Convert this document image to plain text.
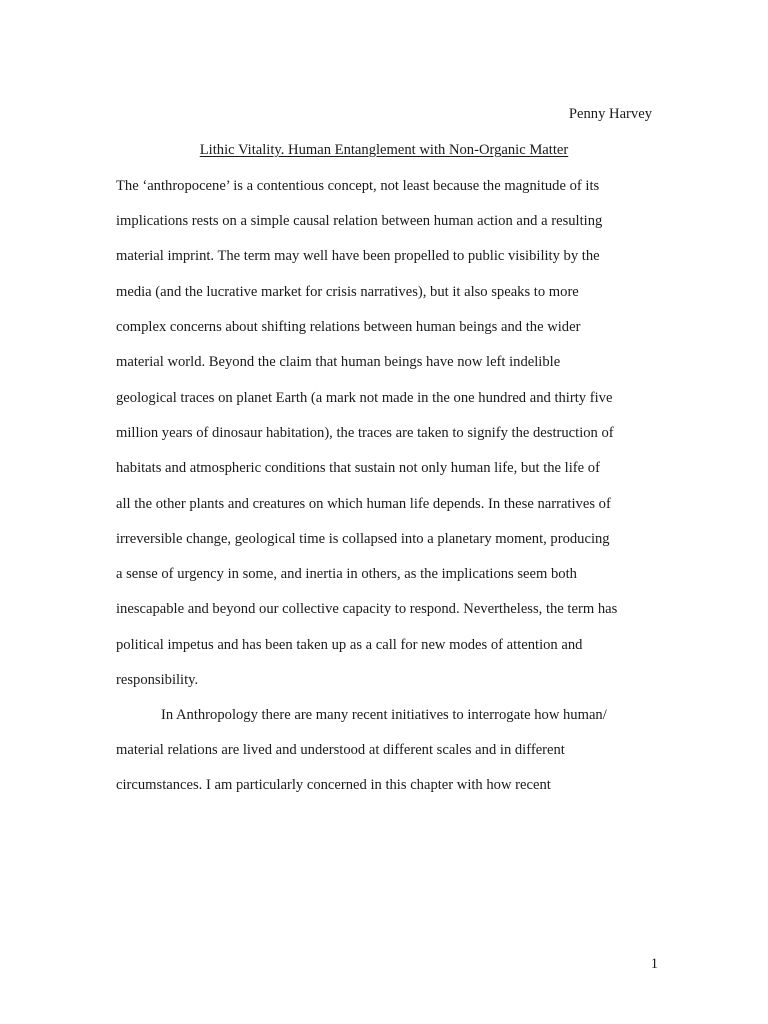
Penny Harvey
Lithic Vitality. Human Entanglement with Non-Organic Matter
The ‘anthropocene’ is a contentious concept, not least because the magnitude of its
implications rests on a simple causal relation between human action and a resulting
material imprint. The term may well have been propelled to public visibility by the
media (and the lucrative market for crisis narratives), but it also speaks to more
complex concerns about shifting relations between human beings and the wider
material world. Beyond the claim that human beings have now left indelible
geological traces on planet Earth (a mark not made in the one hundred and thirty five
million years of dinosaur habitation), the traces are taken to signify the destruction of
habitats and atmospheric conditions that sustain not only human life, but the life of
all the other plants and creatures on which human life depends. In these narratives of
irreversible change, geological time is collapsed into a planetary moment, producing
a sense of urgency in some, and inertia in others, as the implications seem both
inescapable and beyond our collective capacity to respond. Nevertheless, the term has
political impetus and has been taken up as a call for new modes of attention and
responsibility.
In Anthropology there are many recent initiatives to interrogate how human/
material relations are lived and understood at different scales and in different
circumstances. I am particularly concerned in this chapter with how recent
1
